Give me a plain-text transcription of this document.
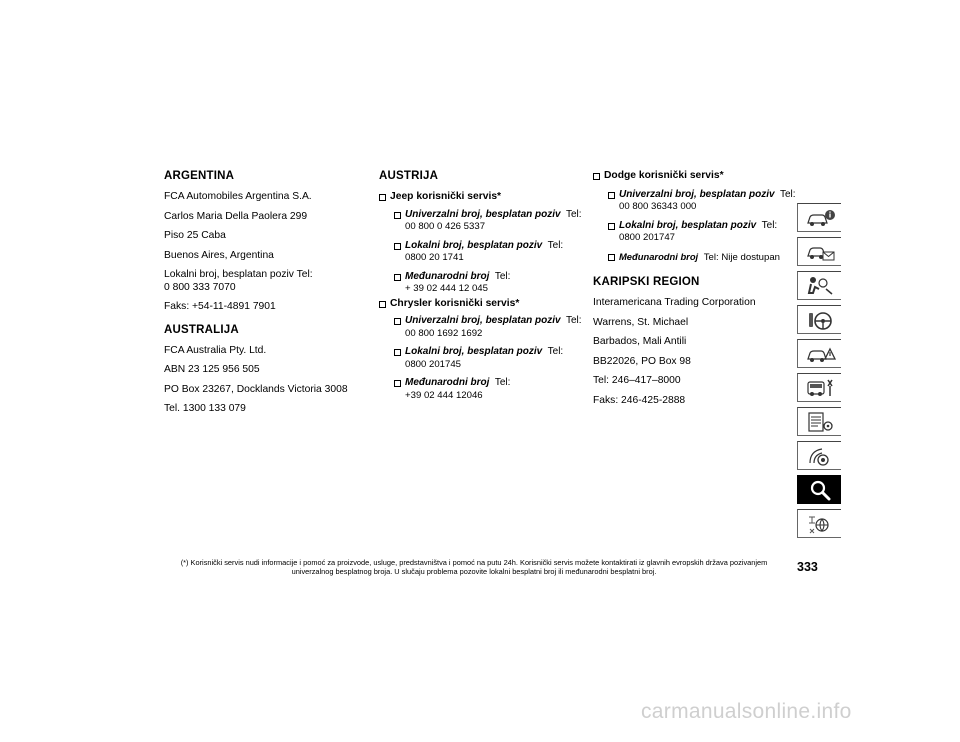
ARGENTINA
FCA Automobiles Argentina S.A.
Carlos Maria Della Paolera 299
Piso 25 Caba
Buenos Aires, Argentina
Lokalni broj, besplatan poziv Tel:
0 800 333 7070
Faks: +54-11-4891 7901
AUSTRALIJA
FCA Australia Pty. Ltd.
ABN 23 125 956 505
PO Box 23267, Docklands Victoria 3008
Tel. 1300 133 079
AUSTRIJA
Jeep korisnički servis*
Univerzalni broj, besplatan poziv Tel:
00 800 0 426 5337
Lokalni broj, besplatan poziv Tel:
0800 20 1741
Međunarodni broj Tel:
+ 39 02 444 12 045
Chrysler korisnički servis*
Univerzalni broj, besplatan poziv Tel:
00 800 1692 1692
Lokalni broj, besplatan poziv Tel:
0800 201745
Međunarodni broj Tel:
+39 02 444 12046
Dodge korisnički servis*
Univerzalni broj, besplatan poziv Tel:
00 800 36343 000
Lokalni broj, besplatan poziv Tel:
0800 201747
Međunarodni broj Tel: Nije dostupan
KARIPSKI REGION
Interamericana Trading Corporation
Warrens, St. Michael
Barbados, Mali Antili
BB22026, PO Box 98
Tel: 246–417–8000
Faks: 246-425-2888
(*) Korisnički servis nudi informacije i pomoć za proizvode, usluge, predstavništva i pomoć na putu 24h. Korisnički servis možete kontaktirati iz glavnih evropskih država pozivanjem univerzalnog besplatnog broja. U slučaju problema pozovite lokalni besplatni broj ili međunarodni besplatni broj.	333
carmanualsonline.info
